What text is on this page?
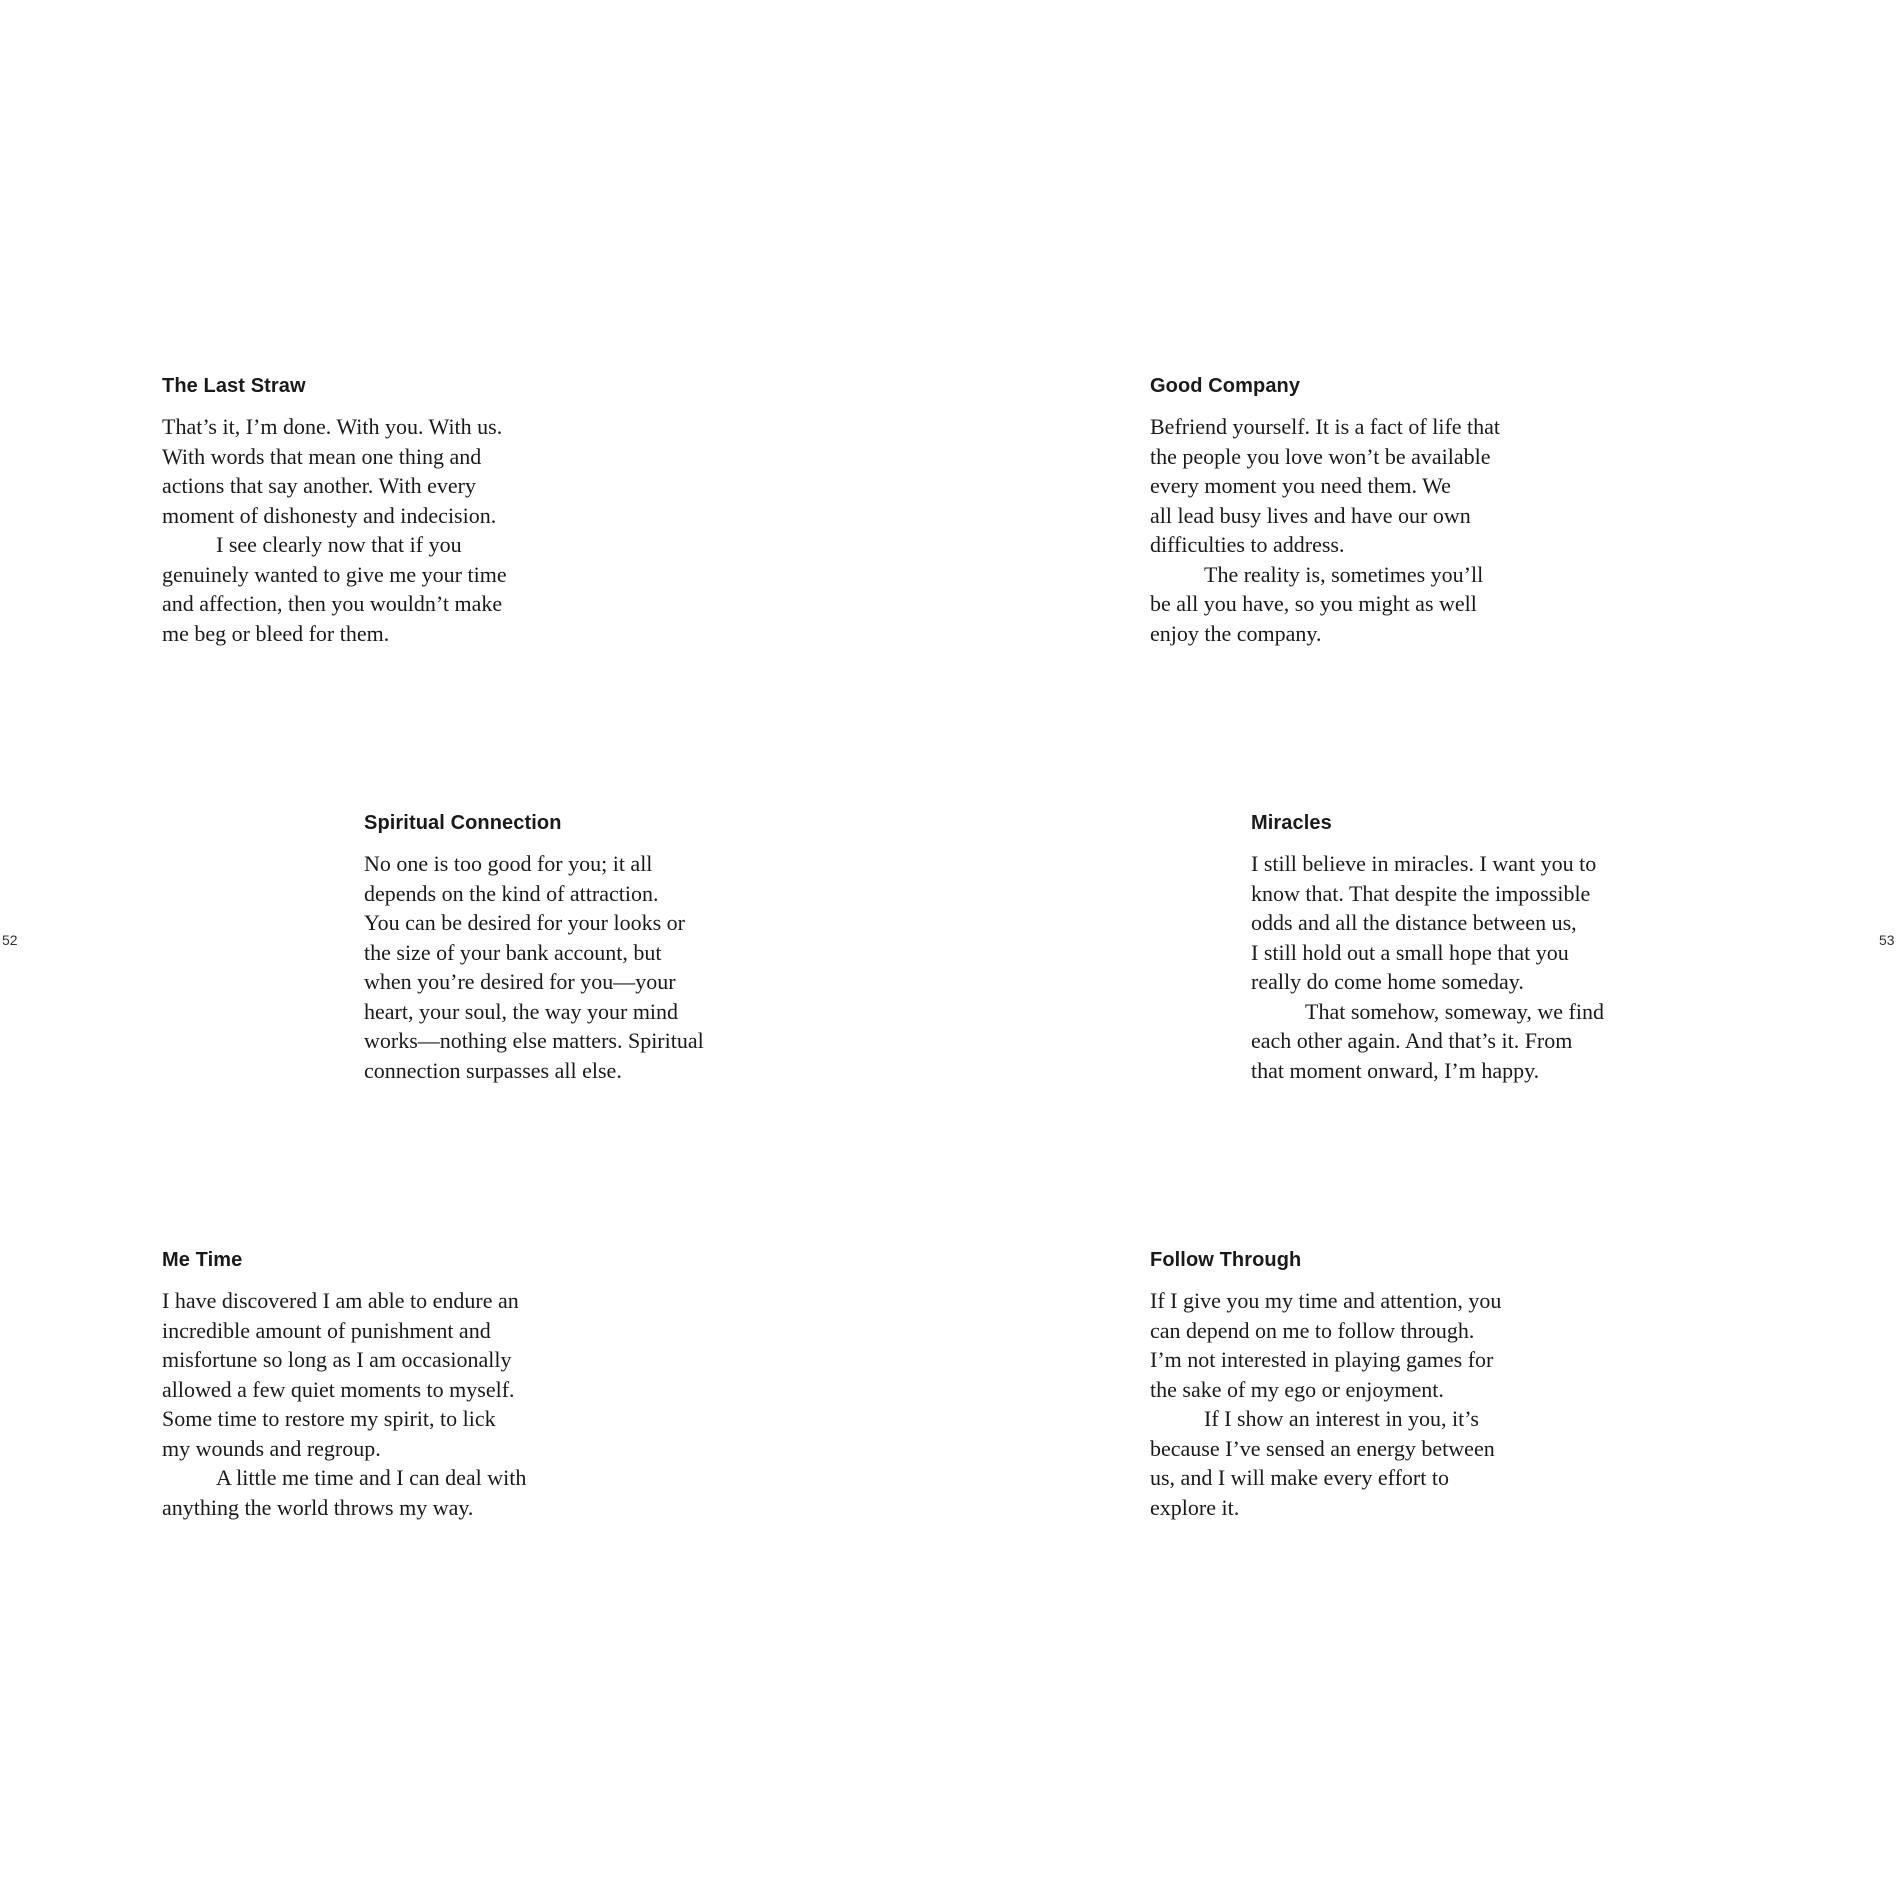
The Last Straw

That’s it, I’m done. With you. With us.
With words that mean one thing and
actions that say another. With every
moment of dishonesty and indecision.

I see clearly now that if you
genuinely wanted to give me your time
and affection, then you wouldn’t make
me beg or bleed for them.

Spiritual Connection

No one is too good for you; it all
depends on the kind of attraction.
You can be desired for your looks or
the size of your bank account, but
when you’re desired for you—your
heart, your soul, the way your mind
works—nothing else matters. Spiritual
connection surpasses all else.

Me Time

I have discovered I am able to endure an
incredible amount of punishment and
misfortune so long as I am occasionally
allowed a few quiet moments to myself.
Some time to restore my spirit, to lick
my wounds and regroup.

A little me time and I can deal with
anything the world throws my way.

52
Good Company

Befriend yourself. It is a fact of life that
the people you love won’t be available
every moment you need them. We
all lead busy lives and have our own
difficulties to address.

The reality is, sometimes you’ll
be all you have, so you might as well
enjoy the company.

Miracles

I still believe in miracles. I want you to
know that. That despite the impossible
odds and all the distance between us,
I still hold out a small hope that you
really do come home someday.

That somehow, someway, we find
each other again. And that’s it. From
that moment onward, I’m happy.

Follow Through

If I give you my time and attention, you
can depend on me to follow through.
I’m not interested in playing games for
the sake of my ego or enjoyment.

If I show an interest in you, it’s
because I’ve sensed an energy between
us, and I will make every effort to
explore it.

53
